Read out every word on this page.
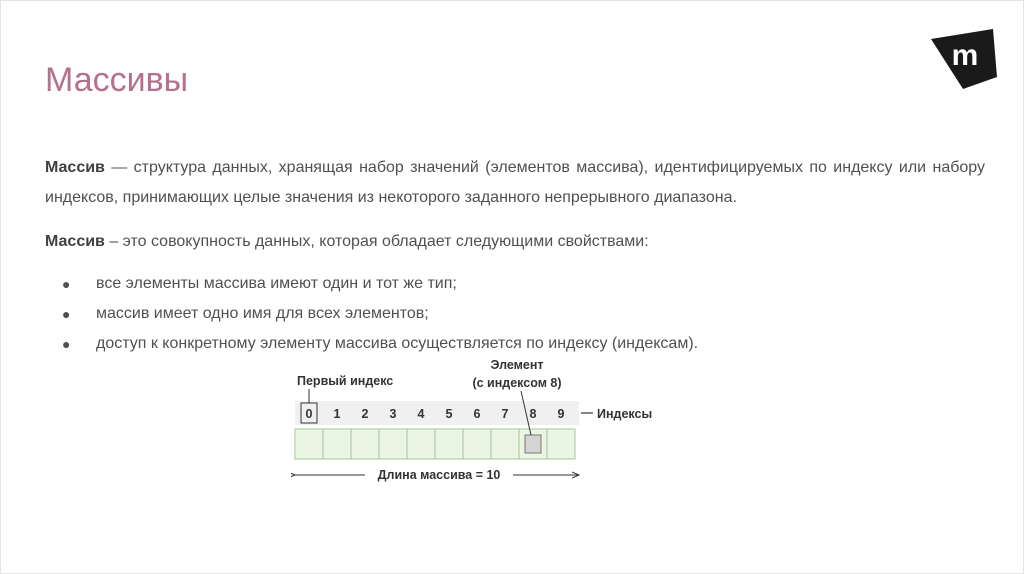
Массивы
m
Массив — структура данных, хранящая набор значений (элементов массива), идентифицируемых по индексу или набору индексов, принимающих целые значения из некоторого заданного непрерывного диапазона.
Массив – это совокупность данных, которая обладает следующими свойствами:
● все элементы массива имеют один и тот же тип;
● массив имеет одно имя для всех элементов;
● доступ к конкретному элементу массива осуществляется по индексу (индексам).
Первый индекс
Элемент
(с индексом 8)
0 1 2 3 4 5 6 7 8 9	Индексы
Длина массива = 10
